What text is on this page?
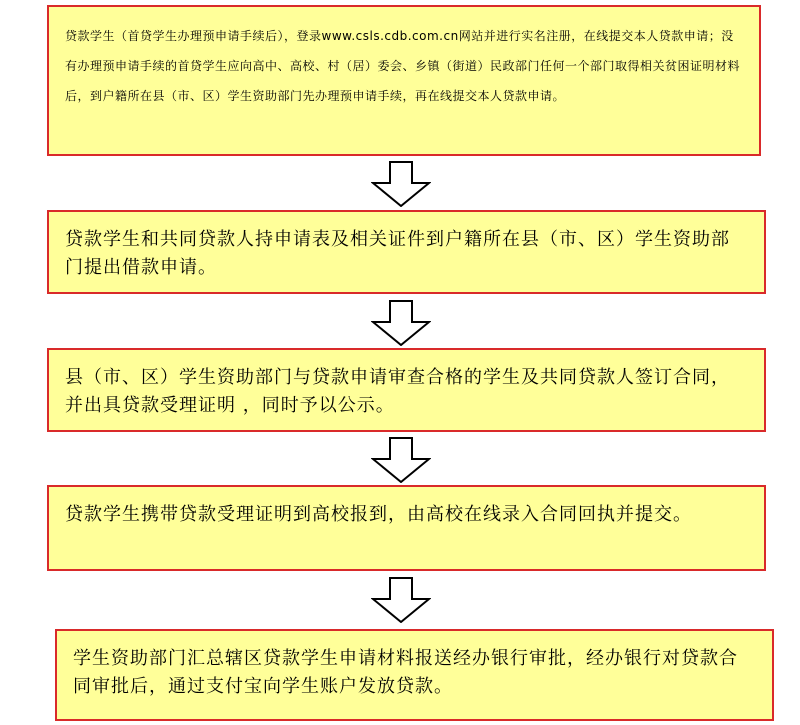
贷款学生（首贷学生办理预申请手续后），登录www.csls.cdb.com.cn网站并进行实名注册，在线提交本人贷款申请；没有办理预申请手续的首贷学生应向高中、高校、村（居）委会、乡镇（街道）民政部门任何一个部门取得相关贫困证明材料后，到户籍所在县（市、区）学生资助部门先办理预申请手续，再在线提交本人贷款申请。
贷款学生和共同贷款人持申请表及相关证件到户籍所在县（市、区）学生资助部门提出借款申请。
县（市、区）学生资助部门与贷款申请审查合格的学生及共同贷款人签订合同，并出具贷款受理证明 ，同时予以公示。
贷款学生携带贷款受理证明到高校报到，由高校在线录入合同回执并提交。
学生资助部门汇总辖区贷款学生申请材料报送经办银行审批，经办银行对贷款合同审批后，通过支付宝向学生账户发放贷款。
